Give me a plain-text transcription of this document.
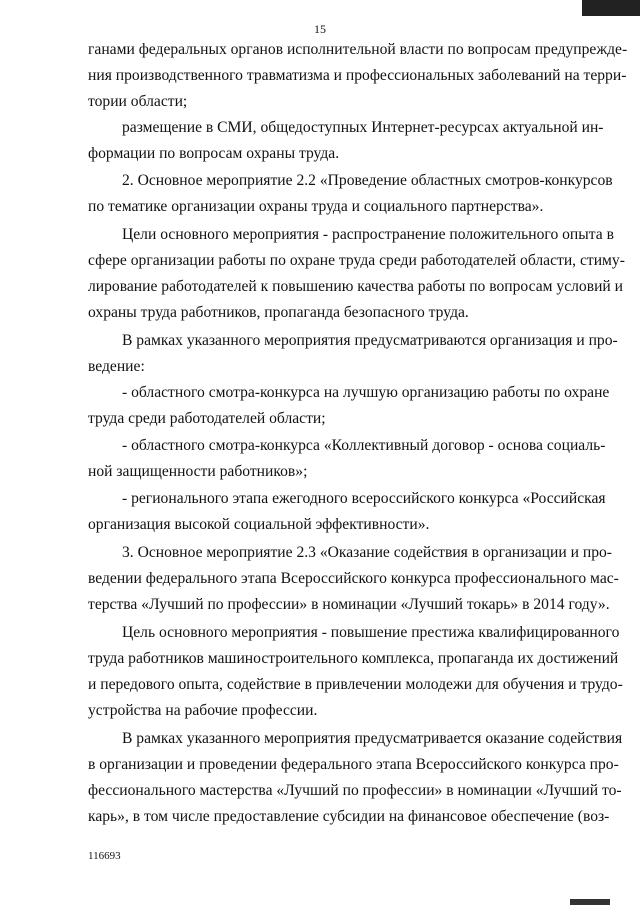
15
ганами федеральных органов исполнительной власти по вопросам предупрежде-
ния производственного травматизма и профессиональных заболеваний на терри-
тории области;
размещение в СМИ, общедоступных Интернет-ресурсах актуальной ин-
формации по вопросам охраны труда.
2. Основное мероприятие 2.2 «Проведение областных смотров-конкурсов
по тематике организации охраны труда и социального партнерства».
Цели основного мероприятия - распространение положительного опыта в
сфере организации работы по охране труда среди работодателей области, стиму-
лирование работодателей к повышению качества работы по вопросам условий и
охраны труда работников, пропаганда безопасного труда.
В рамках указанного мероприятия предусматриваются организация и про-
ведение:
- областного смотра-конкурса на лучшую организацию работы по охране
труда среди работодателей области;
- областного смотра-конкурса «Коллективный договор - основа социаль-
ной защищенности работников»;
- регионального этапа ежегодного всероссийского конкурса «Российская
организация высокой социальной эффективности».
3. Основное мероприятие 2.3 «Оказание содействия в организации и про-
ведении федерального этапа Всероссийского конкурса профессионального мас-
терства «Лучший по профессии» в номинации «Лучший токарь» в 2014 году».
Цель основного мероприятия - повышение престижа квалифицированного
труда работников машиностроительного комплекса, пропаганда их достижений
и передового опыта, содействие в привлечении молодежи для обучения и трудо-
устройства на рабочие профессии.
В рамках указанного мероприятия предусматривается оказание содействия
в организации и проведении федерального этапа Всероссийского конкурса про-
фессионального мастерства «Лучший по профессии» в номинации «Лучший то-
карь», в том числе предоставление субсидии на финансовое обеспечение (воз-
116693
